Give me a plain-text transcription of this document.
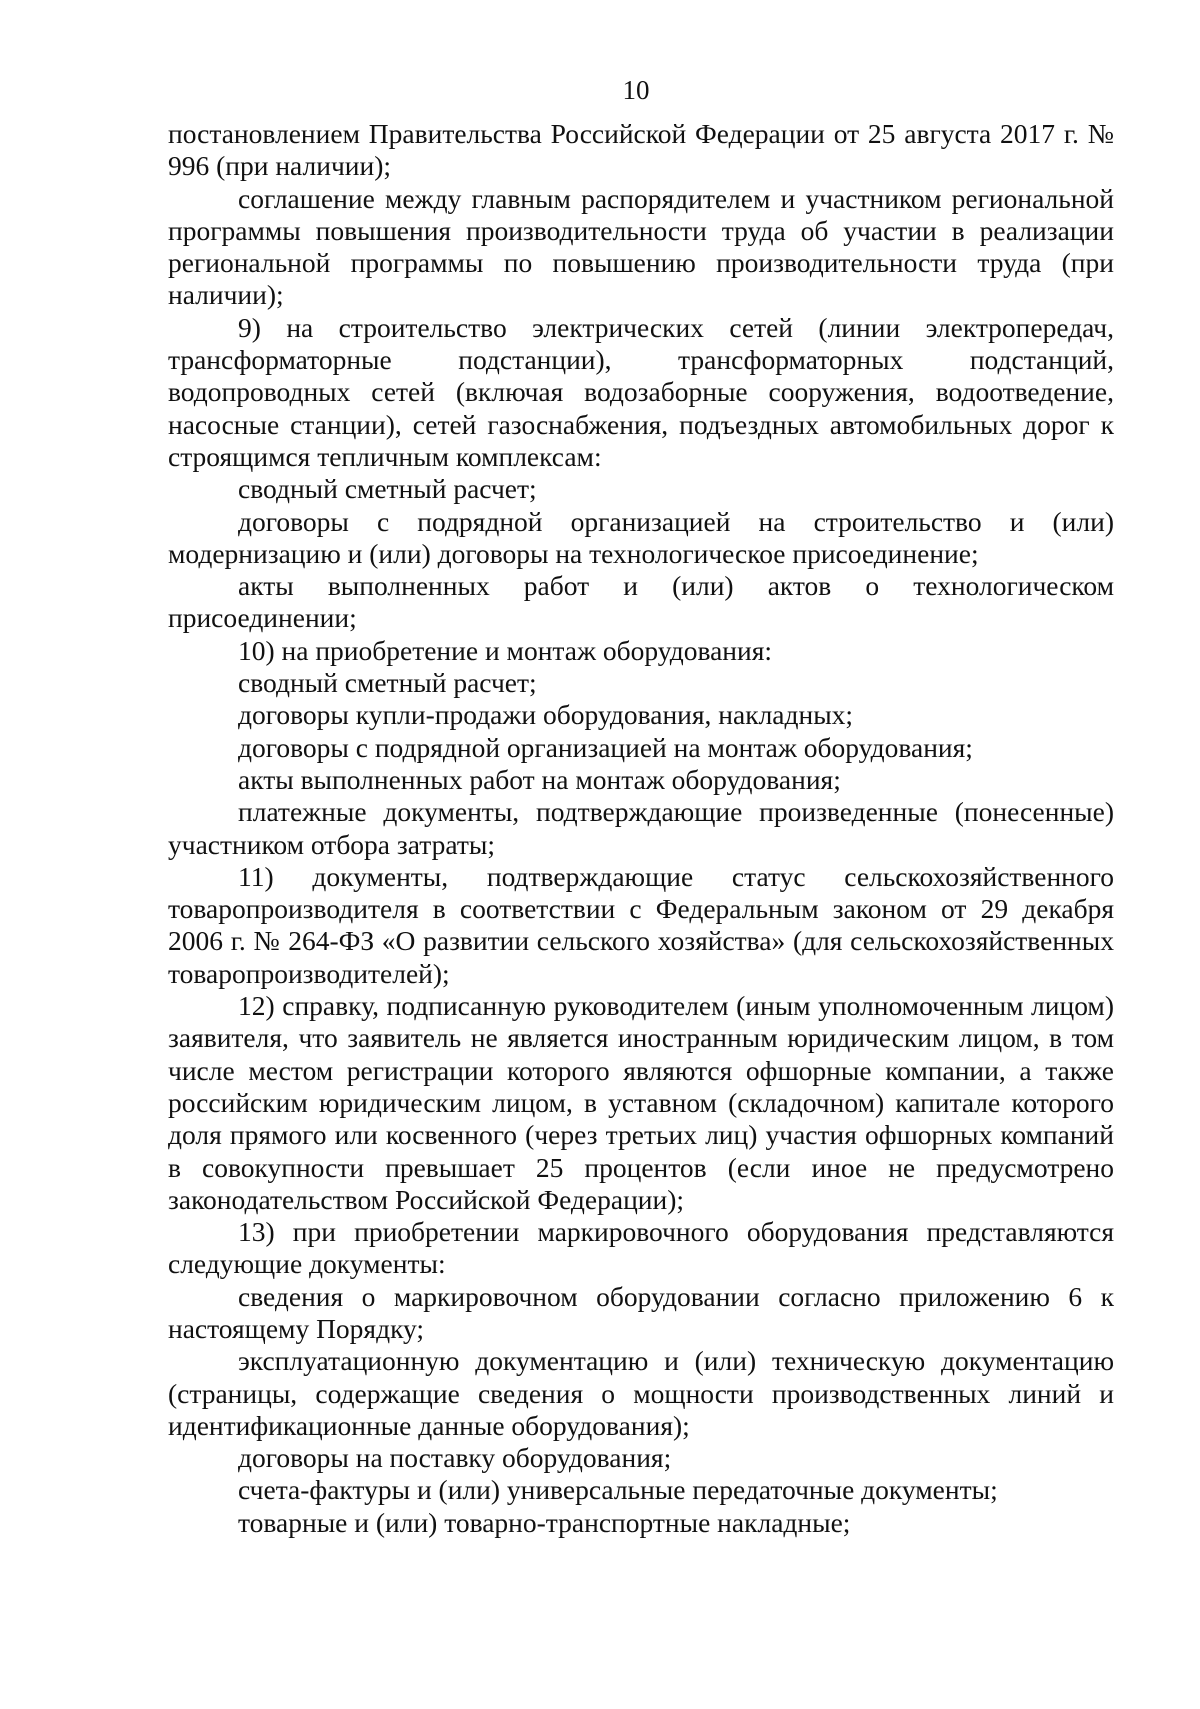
10

постановлением Правительства Российской Федерации от 25 августа 2017 г. № 996 (при наличии);

соглашение между главным распорядителем и участником региональной программы повышения производительности труда об участии в реализации региональной программы по повышению производительности труда (при наличии);

9) на строительство электрических сетей (линии электропередач, трансформаторные подстанции), трансформаторных подстанций, водопроводных сетей (включая водозаборные сооружения, водоотведение, насосные станции), сетей газоснабжения, подъездных автомобильных дорог к строящимся тепличным комплексам:

сводный сметный расчет;

договоры с подрядной организацией на строительство и (или) модернизацию и (или) договоры на технологическое присоединение;

акты выполненных работ и (или) актов о технологическом присоединении;

10) на приобретение и монтаж оборудования:

сводный сметный расчет;

договоры купли-продажи оборудования, накладных;

договоры с подрядной организацией на монтаж оборудования;

акты выполненных работ на монтаж оборудования;

платежные документы, подтверждающие произведенные (понесенные) участником отбора затраты;

11) документы, подтверждающие статус сельскохозяйственного товаропроизводителя в соответствии с Федеральным законом от 29 декабря 2006 г. № 264-ФЗ «О развитии сельского хозяйства» (для сельскохозяйственных товаропроизводителей);

12) справку, подписанную руководителем (иным уполномоченным лицом) заявителя, что заявитель не является иностранным юридическим лицом, в том числе местом регистрации которого являются офшорные компании, а также российским юридическим лицом, в уставном (складочном) капитале которого доля прямого или косвенного (через третьих лиц) участия офшорных компаний в совокупности превышает 25 процентов (если иное не предусмотрено законодательством Российской Федерации);

13) при приобретении маркировочного оборудования представляются следующие документы:

сведения о маркировочном оборудовании согласно приложению 6 к настоящему Порядку;

эксплуатационную документацию и (или) техническую документацию (страницы, содержащие сведения о мощности производственных линий и идентификационные данные оборудования);

договоры на поставку оборудования;

счета-фактуры и (или) универсальные передаточные документы;

товарные и (или) товарно-транспортные накладные;
